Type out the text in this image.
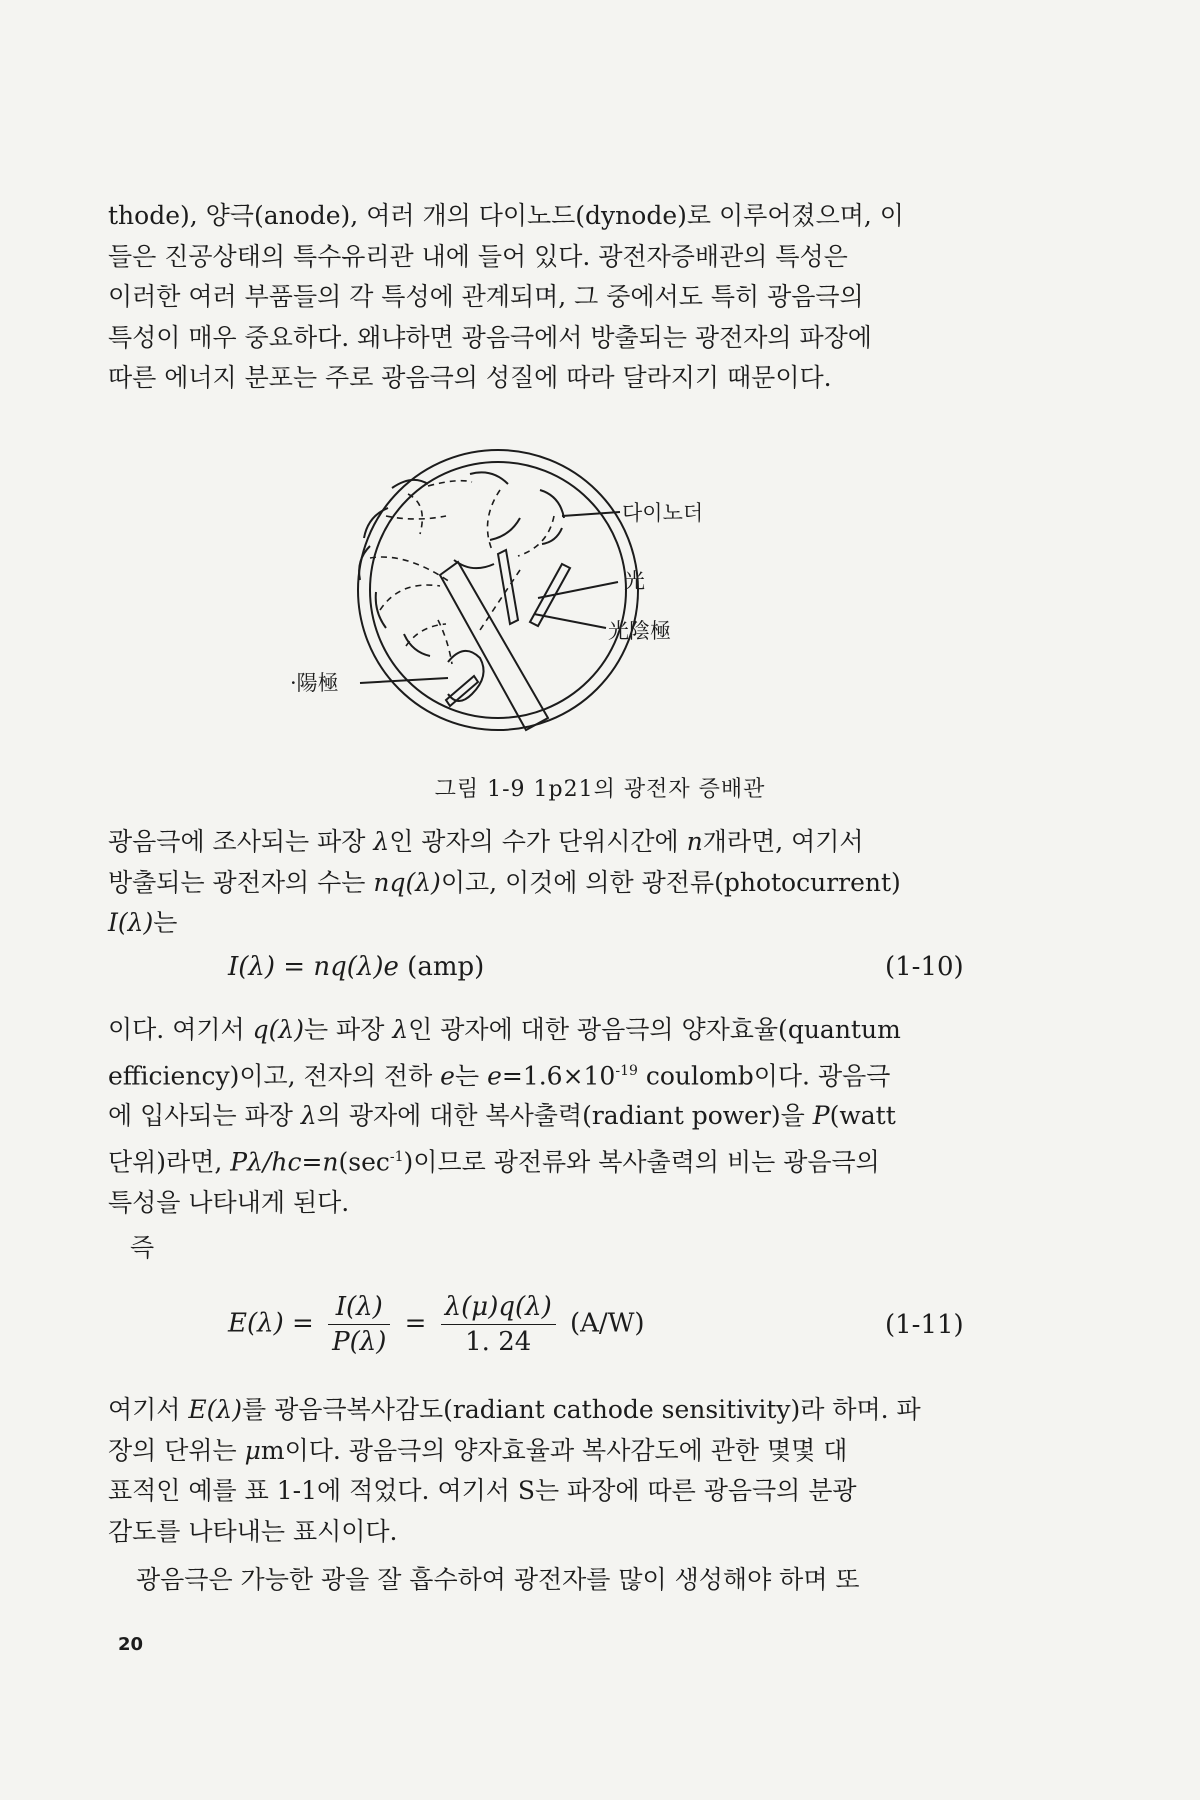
thode), 양극(anode), 여러 개의 다이노드(dynode)로 이루어졌으며, 이
들은 진공상태의 특수유리관 내에 들어 있다. 광전자증배관의 특성은
이러한 여러 부품들의 각 특성에 관계되며, 그 중에서도 특히 광음극의
특성이 매우 중요하다. 왜냐하면 광음극에서 방출되는 광전자의 파장에
따른 에너지 분포는 주로 광음극의 성질에 따라 달라지기 때문이다.

다이노더
光
光陰極
·陽極
그림 1-9 1p21의 광전자 증배관

광음극에 조사되는 파장 λ인 광자의 수가 단위시간에 n개라면, 여기서
방출되는 광전자의 수는 nq(λ)이고, 이것에 의한 광전류(photocurrent)
I(λ)는

I(λ) = nq(λ)e (amp)	(1-10)

이다. 여기서 q(λ)는 파장 λ인 광자에 대한 광음극의 양자효율(quantum
efficiency)이고, 전자의 전하 e는 $e=1.6\times 10^{-19}$ coulomb이다. 광음극
에 입사되는 파장 λ의 광자에 대한 복사출력(radiant power)을 P(watt
단위)라면, $P\lambda/hc=n(\sec^{-1})$이므로 광전류와 복사출력의 비는 광음극의
특성을 나타내게 된다.

즉
$E(\lambda) = \frac{I(\lambda)}{P(\lambda)} = \frac{\lambda(\mu)q(\lambda)}{1. 24} (A/W)$	(1-11)

여기서 E(λ)를 광음극복사감도(radiant cathode sensitivity)라 하며. 파
장의 단위는 μm이다. 광음극의 양자효율과 복사감도에 관한 몇몇 대
표적인 예를 표 1-1에 적었다. 여기서 S는 파장에 따른 광음극의 분광
감도를 나타내는 표시이다.

광음극은 가능한 광을 잘 흡수하여 광전자를 많이 생성해야 하며 또

20
